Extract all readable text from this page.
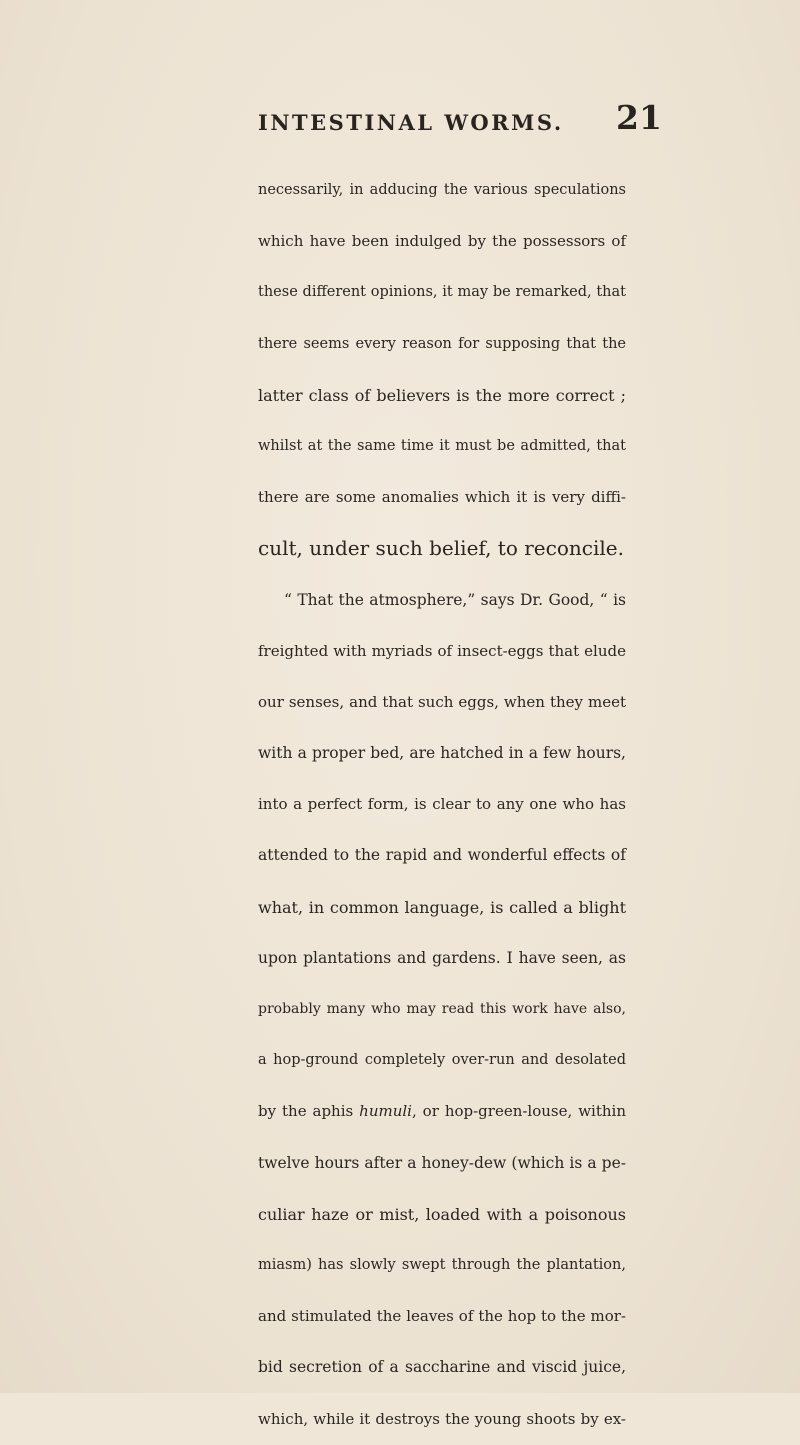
INTESTINAL WORMS. 21
necessarily, in adducing the various speculations
which have been indulged by the possessors of
these different opinions, it may be remarked, that
there seems every reason for supposing that the
latter class of believers is the more correct ;
whilst at the same time it must be admitted, that
there are some anomalies which it is very diffi-
cult, under such belief, to reconcile.
“ That the atmosphere,” says Dr. Good, “ is
freighted with myriads of insect-eggs that elude
our senses, and that such eggs, when they meet
with a proper bed, are hatched in a few hours,
into a perfect form, is clear to any one who has
attended to the rapid and wonderful effects of
what, in common language, is called a blight
upon plantations and gardens. I have seen, as
probably many who may read this work have also,
a hop-ground completely over-run and desolated
by the aphis humuli, or hop-green-louse, within
twelve hours after a honey-dew (which is a pe-
culiar haze or mist, loaded with a poisonous
miasm) has slowly swept through the plantation,
and stimulated the leaves of the hop to the mor-
bid secretion of a saccharine and viscid juice,
which, while it destroys the young shoots by ex-
